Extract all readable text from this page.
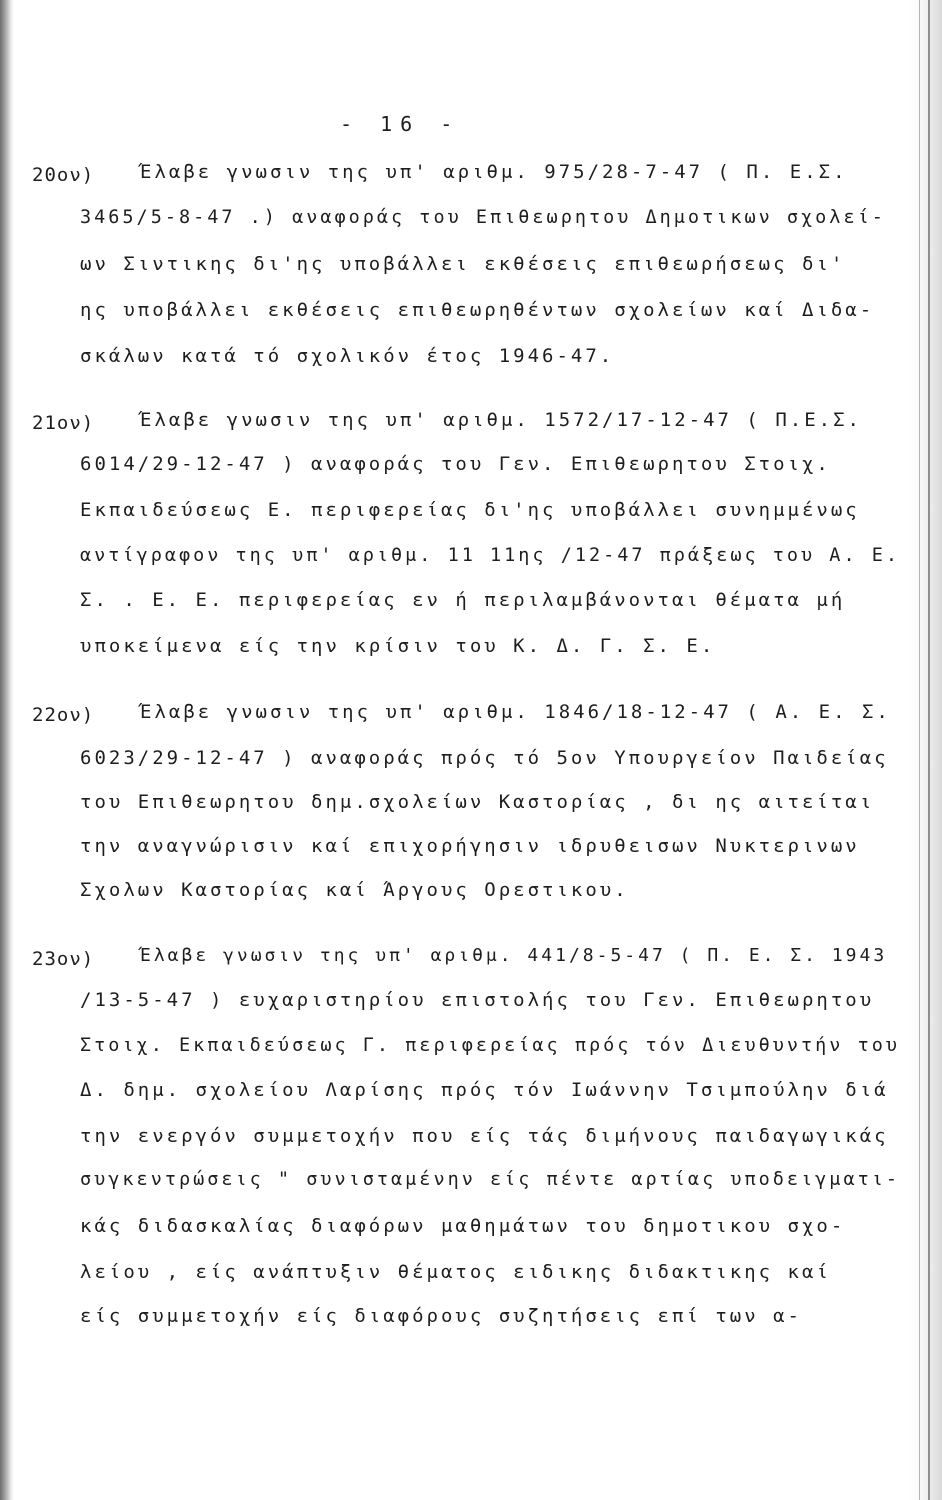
- 16 -
20ον) Έλαβε γνωσιν της υπ' αριθμ. 975/28-7-47 ( Π. Ε.Σ.
3465/5-8-47 .) αναφοράς του Επιθεωρητου Δημοτικων σχολεί-
ων Σιντικης δι'ης υποβάλλει εκθέσεις επιθεωρήσεως δι'
ης υποβάλλει εκθέσεις επιθεωρηθέντων σχολείων καί Διδα-
σκάλων κατά τό σχολικόν έτος 1946-47.
21ον) Έλαβε γνωσιν της υπ' αριθμ. 1572/17-12-47 ( Π.Ε.Σ.
6014/29-12-47 ) αναφοράς του Γεν. Επιθεωρητου Στοιχ.
Εκπαιδεύσεως Ε. περιφερείας δι'ης υποβάλλει συνημμένως
αντίγραφον της υπ' αριθμ. 11 11ης /12-47 πράξεως του Α. Ε.
Σ. . Ε. Ε. περιφερείας εν ή περιλαμβάνονται θέματα μή
υποκείμενα είς την κρίσιν του Κ. Δ. Γ. Σ. Ε.
22ον) Έλαβε γνωσιν της υπ' αριθμ. 1846/18-12-47 ( Α. Ε. Σ.
6023/29-12-47 ) αναφοράς πρός τό 5ον Υπουργείον Παιδείας
του Επιθεωρητου δημ.σχολείων Καστορίας , δι ης αιτείται
την αναγνώρισιν καί επιχορήγησιν ιδρυθεισων Νυκτερινων
Σχολων Καστορίας καί Άργους Ορεστικου.
23ον)	Έλαβε γνωσιν της υπ' αριθμ. 441/8-5-47 ( Π. Ε. Σ. 1943
/13-5-47 ) ευχαριστηρίου επιστολής του Γεν. Επιθεωρητου
Στοιχ. Εκπαιδεύσεως Γ. περιφερείας πρός τόν Διευθυντήν του
Δ. δημ. σχολείου Λαρίσης πρός τόν Ιωάννην Τσιμπούλην διά
την ενεργόν συμμετοχήν που είς τάς διμήνους παιδαγωγικάς
συγκεντρώσεις " συνισταμένην είς πέντε αρτίας υποδειγματι-
κάς διδασκαλίας διαφόρων μαθημάτων του δημοτικου σχο-
λείου , είς ανάπτυξιν θέματος ειδικης διδακτικης καί
είς συμμετοχήν είς διαφόρους συζητήσεις επί των α-
